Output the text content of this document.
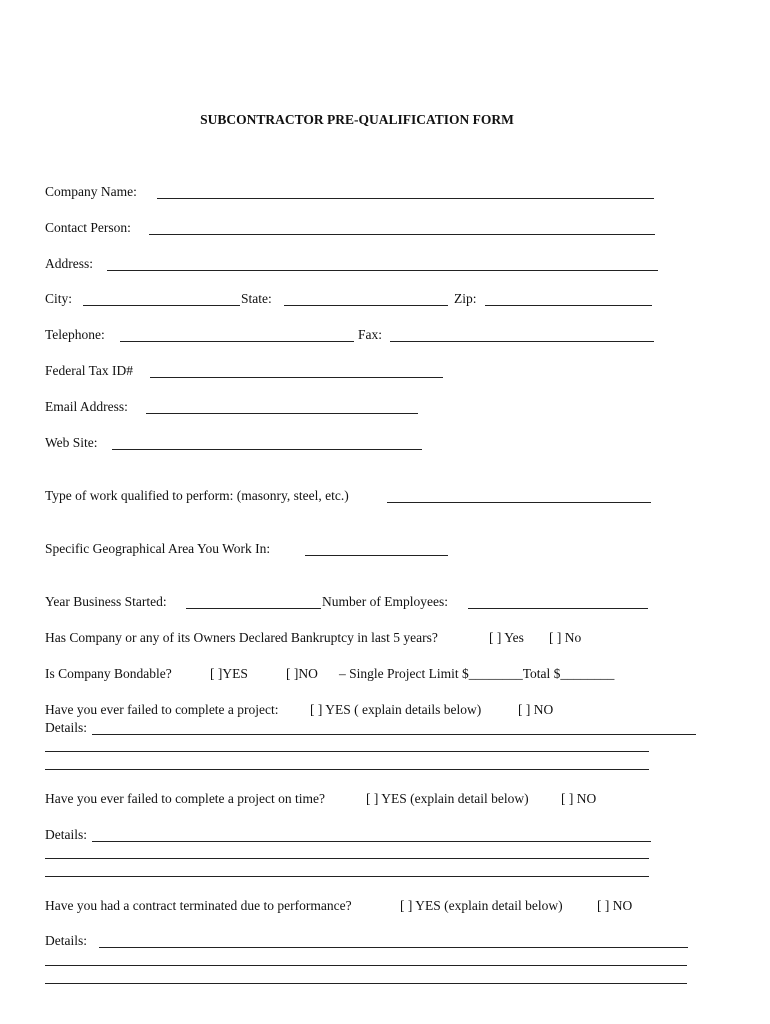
SUBCONTRACTOR PRE-QUALIFICATION FORM
Company Name:
Contact Person:
Address:
City:	State:	Zip:
Telephone:	Fax:
Federal Tax ID#
Email Address:
Web Site:
Type of work qualified to perform: (masonry, steel, etc.)
Specific Geographical Area You Work In:
Year Business Started:	Number of Employees:
Has Company or any of its Owners Declared Bankruptcy in last 5 years?	[ ] Yes [ ] No
Is Company Bondable?	[ ]YES	[ ]NO – Single Project Limit $________Total $________
Have you ever failed to complete a project: [ ] YES ( explain details below)	[ ] NO
Details:
Have you ever failed to complete a project on time?	[ ] YES (explain detail below) [ ] NO
Details:
Have you had a contract terminated due to performance?	[ ] YES (explain detail below)	[ ] NO
Details:
